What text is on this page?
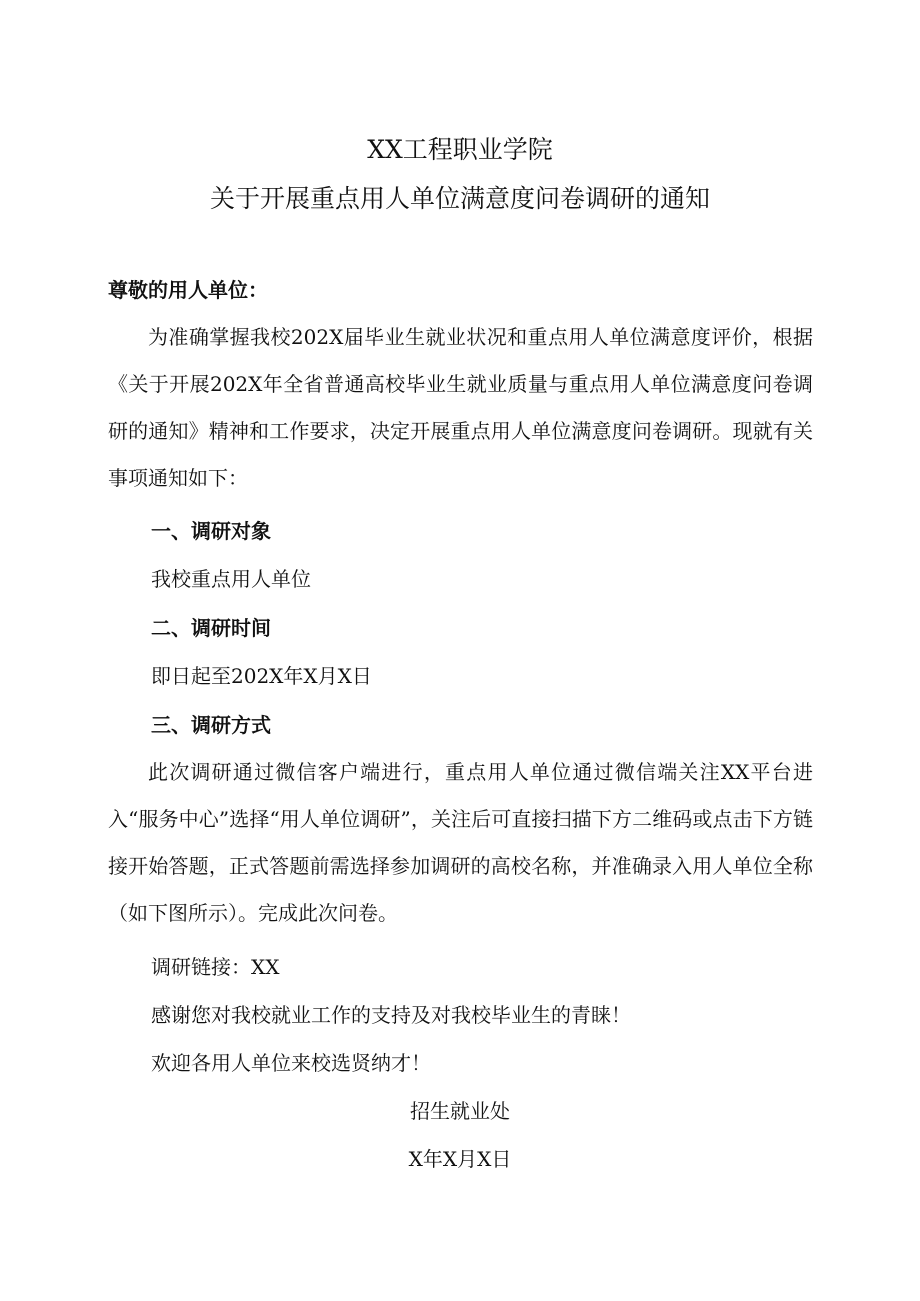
XX工程职业学院
关于开展重点用人单位满意度问卷调研的通知
尊敬的用人单位：
为准确掌握我校202X届毕业生就业状况和重点用人单位满意度评价，根据《关于开展202X年全省普通高校毕业生就业质量与重点用人单位满意度问卷调研的通知》精神和工作要求，决定开展重点用人单位满意度问卷调研。现就有关事项通知如下：
一、调研对象
我校重点用人单位
二、调研时间
即日起至202X年X月X日
三、调研方式
此次调研通过微信客户端进行，重点用人单位通过微信端关注XX平台进入“服务中心”选择“用人单位调研”，关注后可直接扫描下方二维码或点击下方链接开始答题，正式答题前需选择参加调研的高校名称，并准确录入用人单位全称（如下图所示）。完成此次问卷。
调研链接：XX
感谢您对我校就业工作的支持及对我校毕业生的青睐！
欢迎各用人单位来校选贤纳才！
招生就业处
X年X月X日
